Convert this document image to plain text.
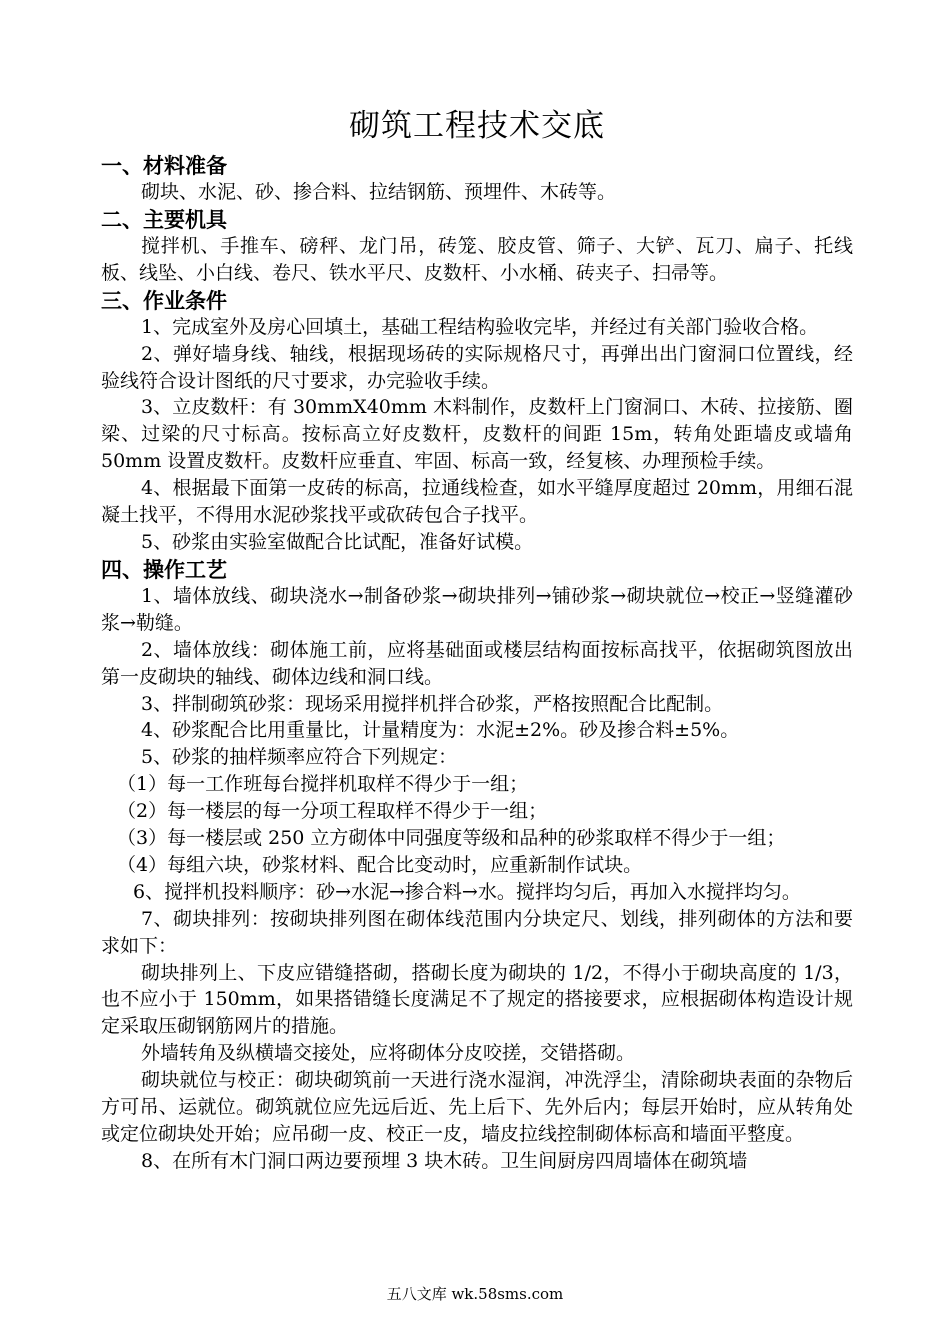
砌筑工程技术交底
一、材料准备

砌块、水泥、砂、掺合料、拉结钢筋、预埋件、木砖等。

二、主要机具

搅拌机、手推车、磅秤、龙门吊，砖笼、胶皮管、筛子、大铲、瓦刀、扁子、托线板、线坠、小白线、卷尺、铁水平尺、皮数杆、小水桶、砖夹子、扫帚等。

三、作业条件

1、完成室外及房心回填土，基础工程结构验收完毕，并经过有关部门验收合格。

2、弹好墙身线、轴线，根据现场砖的实际规格尺寸，再弹出出门窗洞口位置线，经验线符合设计图纸的尺寸要求，办完验收手续。

3、立皮数杆：有 30mmX40mm 木料制作，皮数杆上门窗洞口、木砖、拉接筋、圈梁、过梁的尺寸标高。按标高立好皮数杆，皮数杆的间距 15m，转角处距墙皮或墙角 50mm 设置皮数杆。皮数杆应垂直、牢固、标高一致，经复核、办理预检手续。

4、根据最下面第一皮砖的标高，拉通线检查，如水平缝厚度超过 20mm，用细石混凝土找平，不得用水泥砂浆找平或砍砖包合子找平。

5、砂浆由实验室做配合比试配，准备好试模。

四、操作工艺

1、墙体放线、砌块浇水→制备砂浆→砌块排列→铺砂浆→砌块就位→校正→竖缝灌砂浆→勒缝。

2、墙体放线：砌体施工前，应将基础面或楼层结构面按标高找平，依据砌筑图放出第一皮砌块的轴线、砌体边线和洞口线。

3、拌制砌筑砂浆：现场采用搅拌机拌合砂浆，严格按照配合比配制。

4、砂浆配合比用重量比，计量精度为：水泥±2%。砂及掺合料±5%。

5、砂浆的抽样频率应符合下列规定：

（1）每一工作班每台搅拌机取样不得少于一组；

（2）每一楼层的每一分项工程取样不得少于一组；

（3）每一楼层或 250 立方砌体中同强度等级和品种的砂浆取样不得少于一组；

（4）每组六块，砂浆材料、配合比变动时，应重新制作试块。

6、搅拌机投料顺序：砂→水泥→掺合料→水。搅拌均匀后，再加入水搅拌均匀。

7、砌块排列：按砌块排列图在砌体线范围内分块定尺、划线，排列砌体的方法和要求如下：

砌块排列上、下皮应错缝搭砌，搭砌长度为砌块的 1/2，不得小于砌块高度的 1/3，也不应小于 150mm，如果搭错缝长度满足不了规定的搭接要求，应根据砌体构造设计规定采取压砌钢筋网片的措施。

外墙转角及纵横墙交接处，应将砌体分皮咬搓，交错搭砌。

砌块就位与校正：砌块砌筑前一天进行浇水湿润，冲洗浮尘，清除砌块表面的杂物后方可吊、运就位。砌筑就位应先远后近、先上后下、先外后内；每层开始时，应从转角处或定位砌块处开始；应吊砌一皮、校正一皮，墙皮拉线控制砌体标高和墙面平整度。

8、在所有木门洞口两边要预埋 3 块木砖。卫生间厨房四周墙体在砌筑墙

五八文库 wk.58sms.com
